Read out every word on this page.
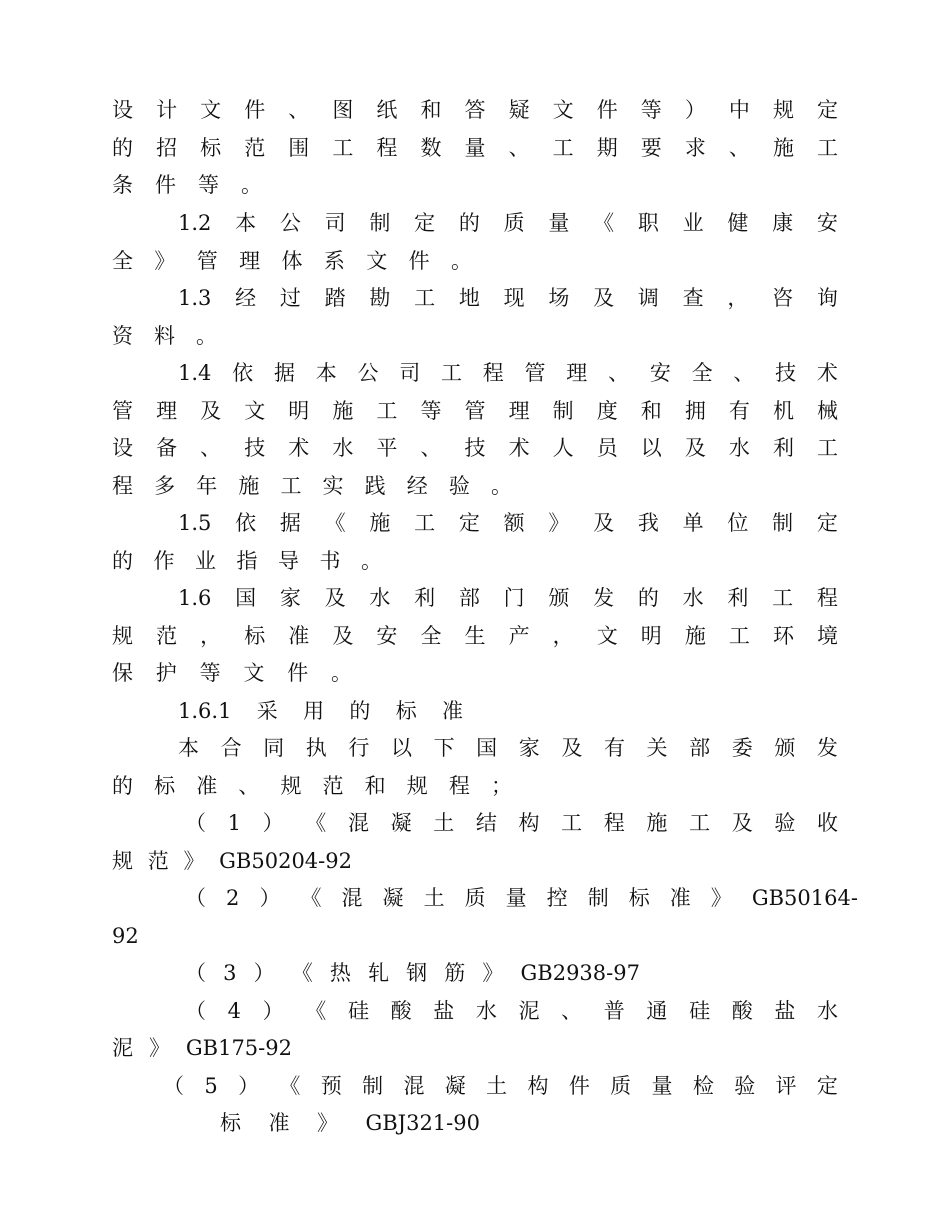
设 计 文 件 、 图 纸 和 答 疑 文 件 等 ） 中 规 定
的 招 标 范 围 工 程 数 量 、 工 期 要 求 、 施 工
条 件 等 。
1.2 本 公 司 制 定 的 质 量 《 职 业 健 康 安
全 》 管 理 体 系 文 件 。
1.3 经 过 踏 勘 工 地 现 场 及 调 查 ， 咨 询
资 料 。
1.4 依 据 本 公 司 工 程 管 理 、 安 全 、 技 术
管 理 及 文 明 施 工 等 管 理 制 度 和 拥 有 机 械
设 备 、 技 术 水 平 、 技 术 人 员 以 及 水 利 工
程 多 年 施 工 实 践 经 验 。
1.5 依 据 《 施 工 定 额 》 及 我 单 位 制 定
的 作 业 指 导 书 。
1.6 国 家 及 水 利 部 门 颁 发 的 水 利 工 程
规 范 ， 标 准 及 安 全 生 产 ， 文 明 施 工 环 境
保 护 等 文 件 。
1.6.1 采 用 的 标 准
本 合 同 执 行 以 下 国 家 及 有 关 部 委 颁 发
的 标 准 、 规 范 和 规 程 ；
（ 1 ） 《 混 凝 土 结 构 工 程 施 工 及 验 收
规 范 》 GB50204-92
（ 2 ） 《 混 凝 土 质 量 控 制 标 准 》 GB50164-
92
（ 3 ） 《 热 轧 钢 筋 》 GB2938-97
（ 4 ） 《 硅 酸 盐 水 泥 、 普 通 硅 酸 盐 水
泥 》 GB175-92
（ 5 ） 《 预 制 混 凝 土 构 件 质 量 检 验 评 定
标 准 》 GBJ321-90
